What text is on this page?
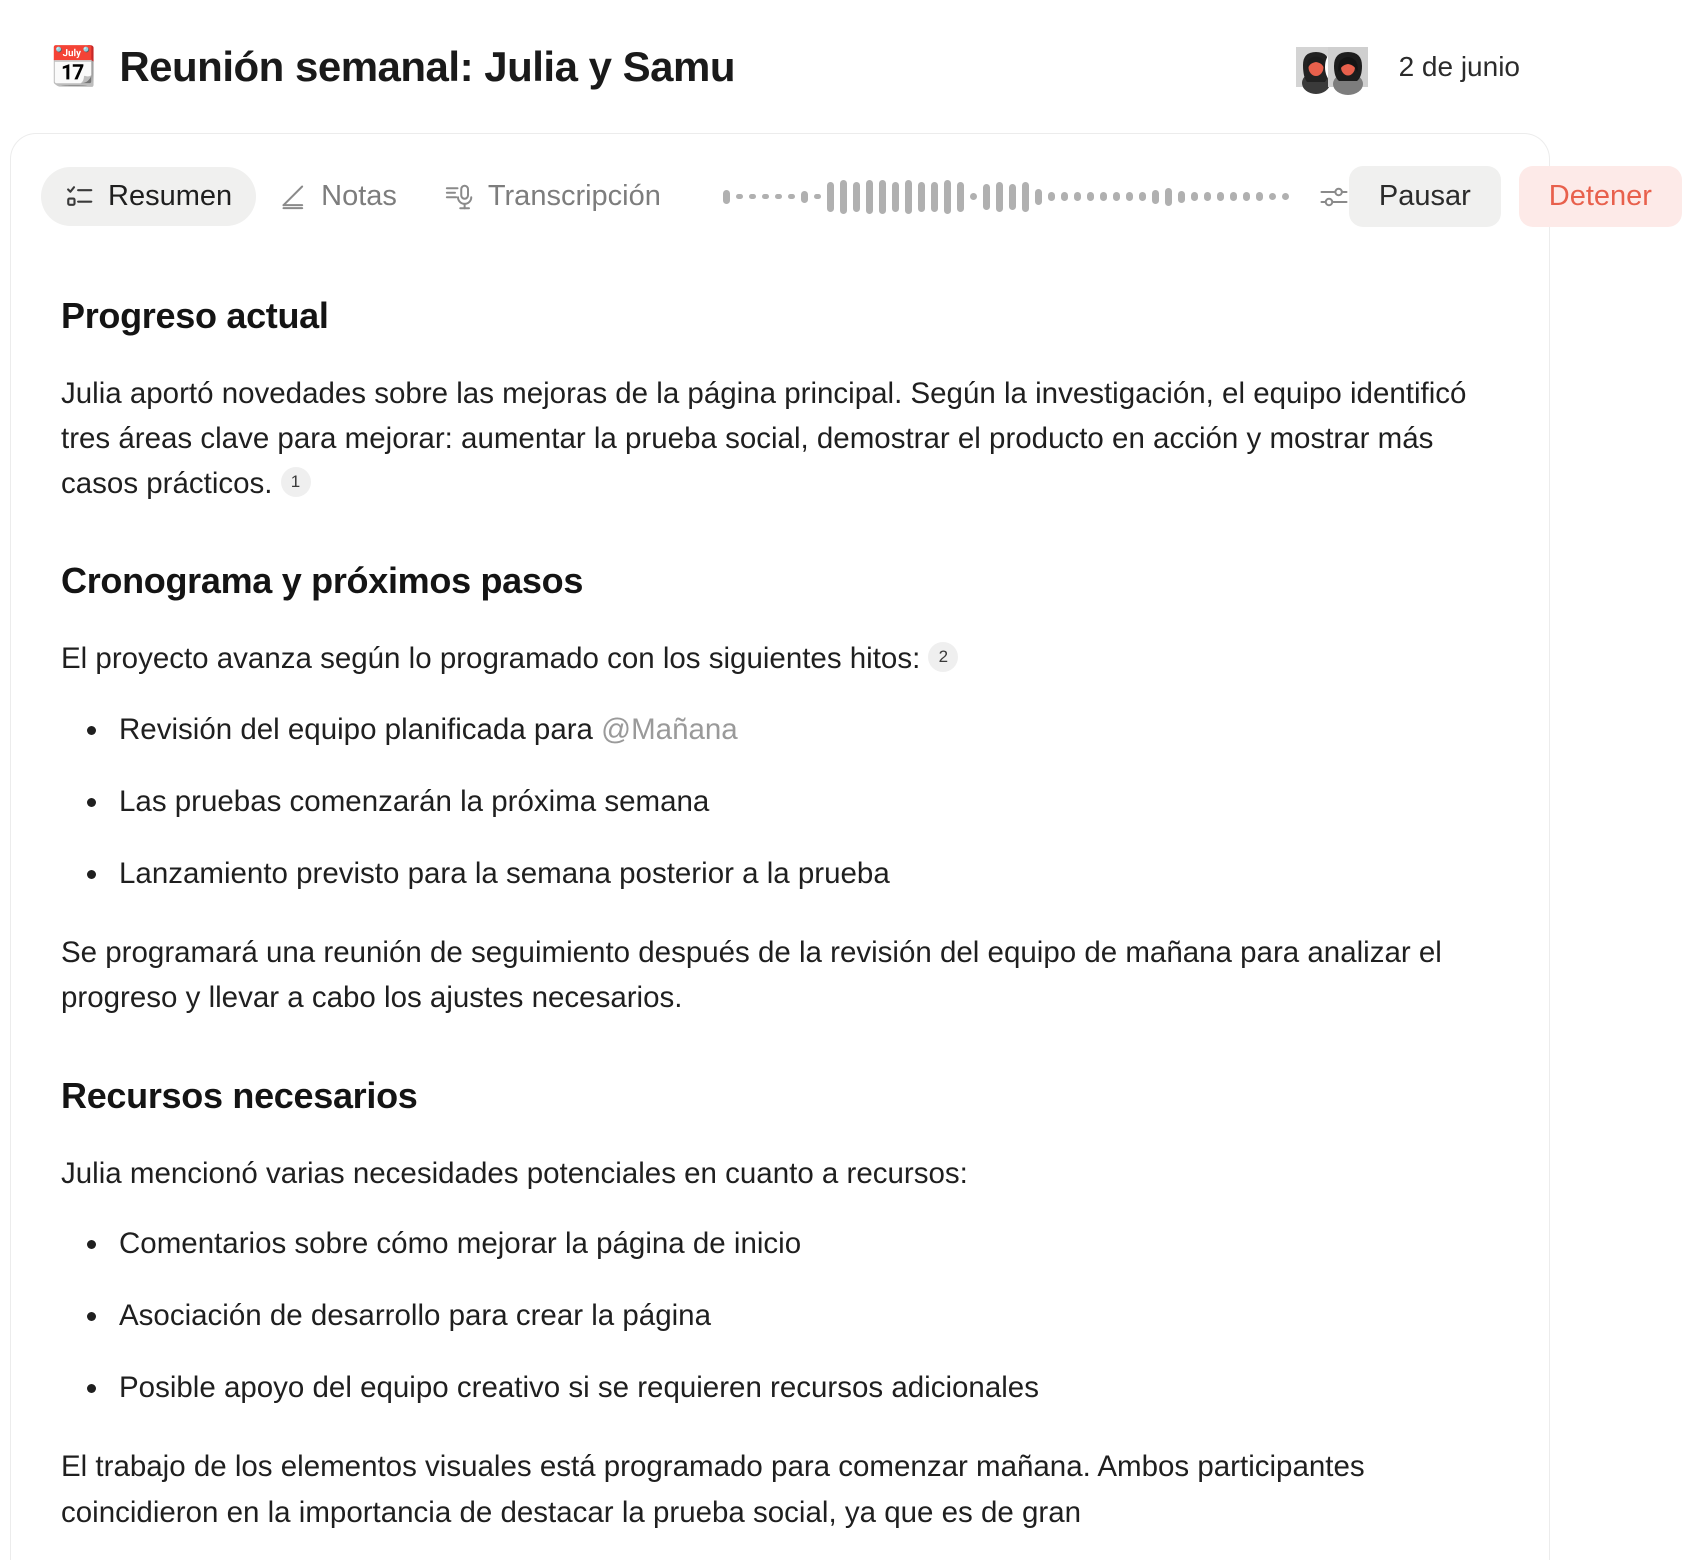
📆 Reunión semanal: Julia y Samu	2 de junio
Resumen	Notas	Transcripción	Pausar	Detener
Progreso actual

Julia aportó novedades sobre las mejoras de la página principal. Según la investigación, el equipo identificó tres áreas clave para mejorar: aumentar la prueba social, demostrar el producto en acción y mostrar más casos prácticos. 1

Cronograma y próximos pasos

El proyecto avanza según lo programado con los siguientes hitos: 2

Revisión del equipo planificada para @Mañana
Las pruebas comenzarán la próxima semana
Lanzamiento previsto para la semana posterior a la prueba

Se programará una reunión de seguimiento después de la revisión del equipo de mañana para analizar el progreso y llevar a cabo los ajustes necesarios.

Recursos necesarios

Julia mencionó varias necesidades potenciales en cuanto a recursos:

Comentarios sobre cómo mejorar la página de inicio
Asociación de desarrollo para crear la página
Posible apoyo del equipo creativo si se requieren recursos adicionales

El trabajo de los elementos visuales está programado para comenzar mañana. Ambos participantes coincidieron en la importancia de destacar la prueba social, ya que es de gran
